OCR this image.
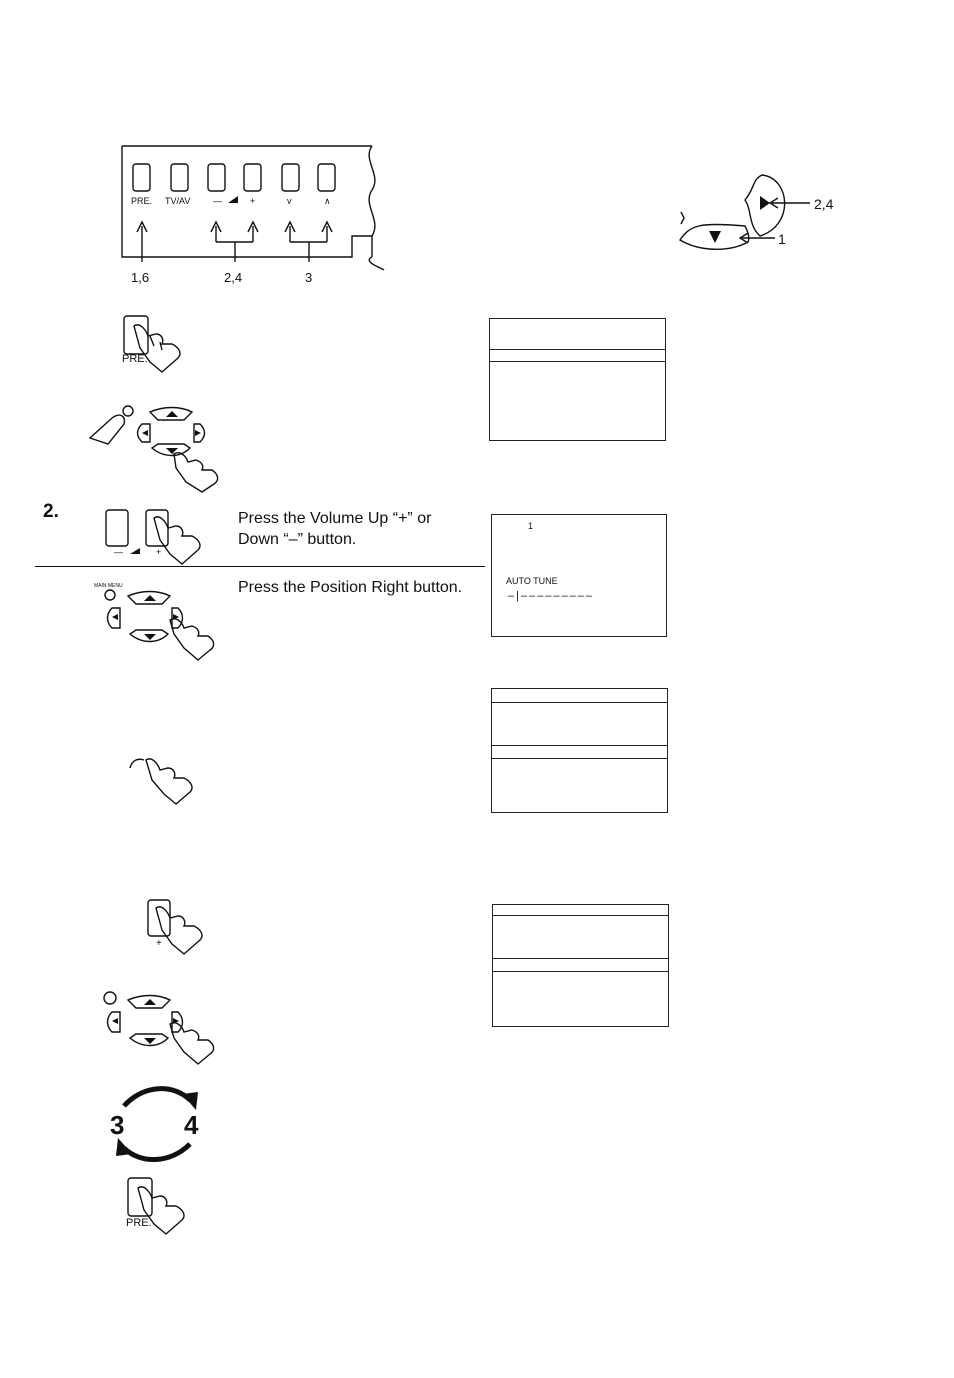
PRE. TV/AV	—	+	v	∧
1,6	2,4	3
2,4
1
PRE.
2.
—	+
Press the Volume Up “+” or Down “–” button.
1
AUTO TUNE
–|–––––––––
MAIN MENU	Press the Position Right button.
+
3 4
PRE.
